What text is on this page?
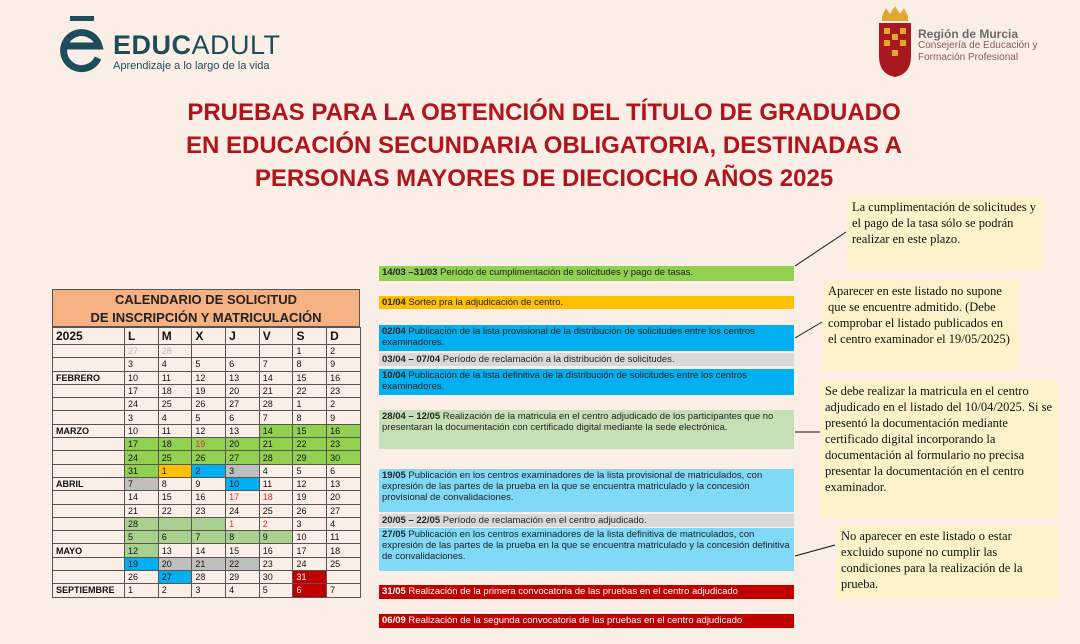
EDUCADULT
Aprendizaje a lo largo de la vida
Región de Murcia
Consejería de Educación y
Formación Profesional
PRUEBAS PARA LA OBTENCIÓN DEL TÍTULO DE GRADUADO
EN EDUCACIÓN SECUNDARIA OBLIGATORIA, DESTINADAS A
PERSONAS MAYORES DE DIECIOCHO AÑOS 2025
CALENDARIO DE SOLICITUD
DE INSCRIPCIÓN Y MATRICULACIÓN
2025	L	M	X	J	V	S	D
	27	28				1	2
	3	4	5	6	7	8	9
FEBRERO	10	11	12	13	14	15	16
	17	18	19	20	21	22	23
	24	25	26	27	28	1	2
	3	4	5	6	7	8	9
MARZO	10	11	12	13	14	15	16
	17	18	19	20	21	22	23
	24	25	26	27	28	29	30
	31	1	2	3	4	5	6
ABRIL	7	8	9	10	11	12	13
	14	15	16	17	18	19	20
	21	22	23	24	25	26	27
	28	29	30	1	2	3	4
	5	6	7	8	9	10	11
MAYO	12	13	14	15	16	17	18
	19	20	21	22	23	24	25
	26	27	28	29	30	31	
SEPTIEMBRE	1	2	3	4	5	6	7
14/03 –31/03 Período de cumplimentación de solicitudes y pago de tasas.
01/04 Sorteo pra la adjudicación de centro.
02/04 Publicación de la lista provisional de la distribución de solicitudes entre los centros examinadores.
03/04 – 07/04 Período de reclamación a la distribución de solicitudes.
10/04 Publicación de la lista definitiva de la distribución de solicitudes entre los centros examinadores.
28/04 – 12/05 Realización de la matricula en el centro adjudicado de los participantes que no presentaran la documentación con certificado digital mediante la sede electrónica.
19/05 Publicación en los centros examinadores de la lista provisional de matriculados, con expresión de las partes de la prueba en la que se encuentra matriculado y la concesión provisional de convalidaciones.
20/05 – 22/05 Período de reclamación en el centro adjudicado.
27/05 Publicación en los centros examinadores de la lista definitiva de matriculados, con expresión de las partes de la prueba en la que se encuentra matriculado y la concesión definitiva de convalidaciones.
31/05 Realización de la primera convocatoria de las pruebas en el centro adjudicado
06/09 Realización de la segunda convocatoria de las pruebas en el centro adjudicado
La cumplimentación de solicitudes y el pago de la tasa sólo se podrán realizar en este plazo.
Aparecer en este listado no supone que se encuentre admitido. (Debe comprobar el listado publicados en el centro examinador el 19/05/2025)
Se debe realizar la matricula en el centro adjudicado en el listado del 10/04/2025. Si se presentó la documentación mediante certificado digital incorporando la documentación al formulario no precisa presentar la documentación en el centro examinador.
No aparecer en este listado o estar excluido supone no cumplir las condiciones para la realización de la prueba.
